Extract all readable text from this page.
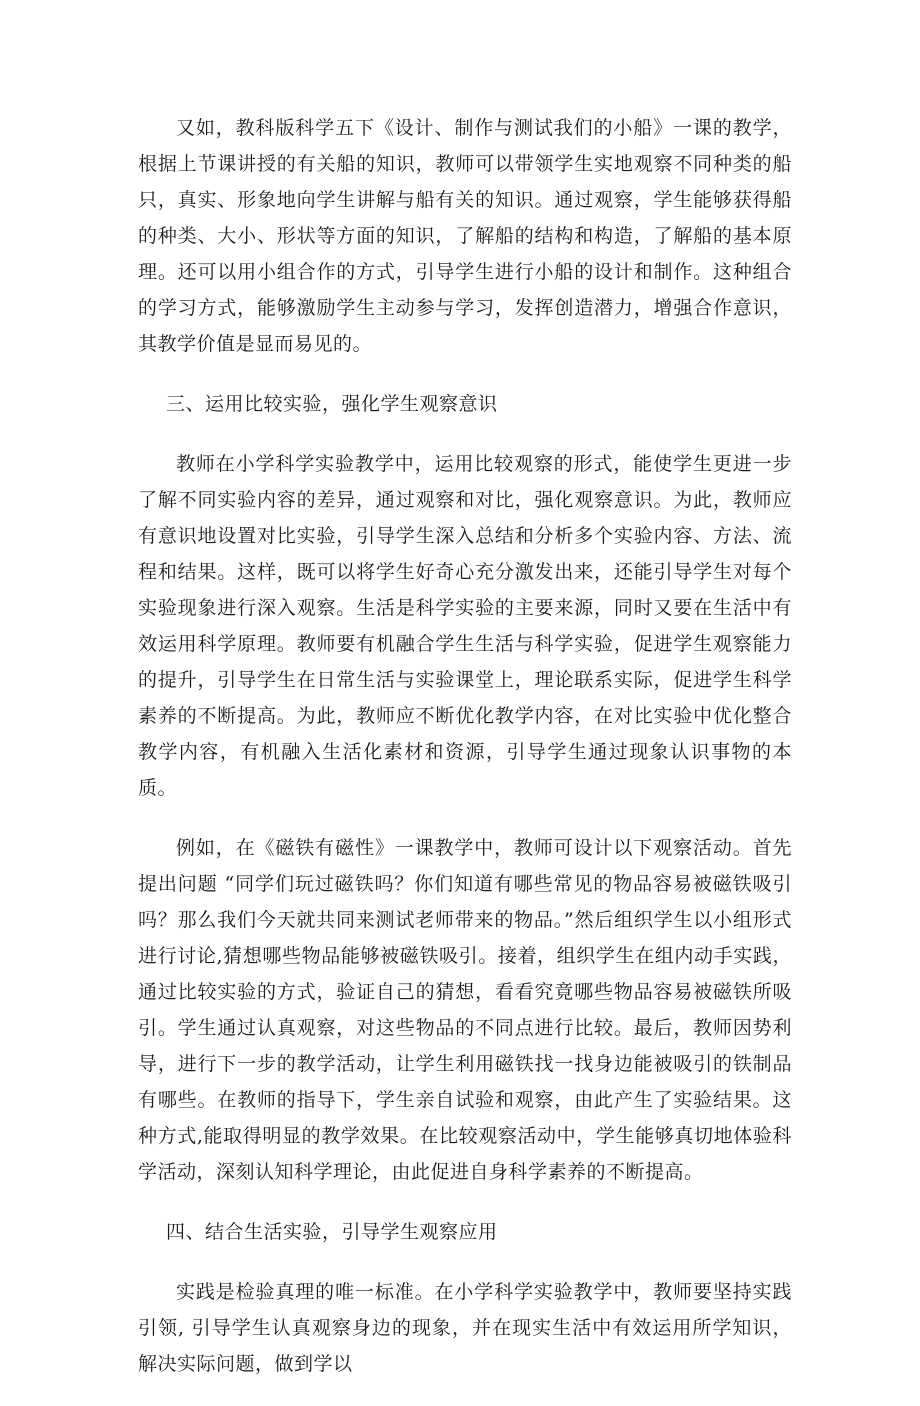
又如，教科版科学五下《设计、制作与测试我们的小船》一课的教学，根据上节课讲授的有关船的知识，教师可以带领学生实地观察不同种类的船只，真实、形象地向学生讲解与船有关的知识。通过观察，学生能够获得船的种类、大小、形状等方面的知识，了解船的结构和构造，了解船的基本原理。还可以用小组合作的方式，引导学生进行小船的设计和制作。这种组合的学习方式，能够激励学生主动参与学习，发挥创造潜力，增强合作意识，其教学价值是显而易见的。

三、运用比较实验，强化学生观察意识

教师在小学科学实验教学中，运用比较观察的形式，能使学生更进一步了解不同实验内容的差异，通过观察和对比，强化观察意识。为此，教师应有意识地设置对比实验，引导学生深入总结和分析多个实验内容、方法、流程和结果。这样，既可以将学生好奇心充分激发出来，还能引导学生对每个实验现象进行深入观察。生活是科学实验的主要来源，同时又要在生活中有效运用科学原理。教师要有机融合学生生活与科学实验，促进学生观察能力的提升，引导学生在日常生活与实验课堂上，理论联系实际，促进学生科学素养的不断提高。为此，教师应不断优化教学内容，在对比实验中优化整合教学内容，有机融入生活化素材和资源，引导学生通过现象认识事物的本质。

例如，在《磁铁有磁性》一课教学中，教师可设计以下观察活动。首先提出问题 “同学们玩过磁铁吗？你们知道有哪些常见的物品容易被磁铁吸引吗？那么我们今天就共同来测试老师带来的物品。”然后组织学生以小组形式进行讨论,猜想哪些物品能够被磁铁吸引。接着，组织学生在组内动手实践，通过比较实验的方式，验证自己的猜想，看看究竟哪些物品容易被磁铁所吸引。学生通过认真观察，对这些物品的不同点进行比较。最后，教师因势利导，进行下一步的教学活动，让学生利用磁铁找一找身边能被吸引的铁制品有哪些。在教师的指导下，学生亲自试验和观察，由此产生了实验结果。这种方式,能取得明显的教学效果。在比较观察活动中，学生能够真切地体验科学活动，深刻认知科学理论，由此促进自身科学素养的不断提高。

四、结合生活实验，引导学生观察应用

实践是检验真理的唯一标准。在小学科学实验教学中，教师要坚持实践引领, 引导学生认真观察身边的现象，并在现实生活中有效运用所学知识，解决实际问题，做到学以
